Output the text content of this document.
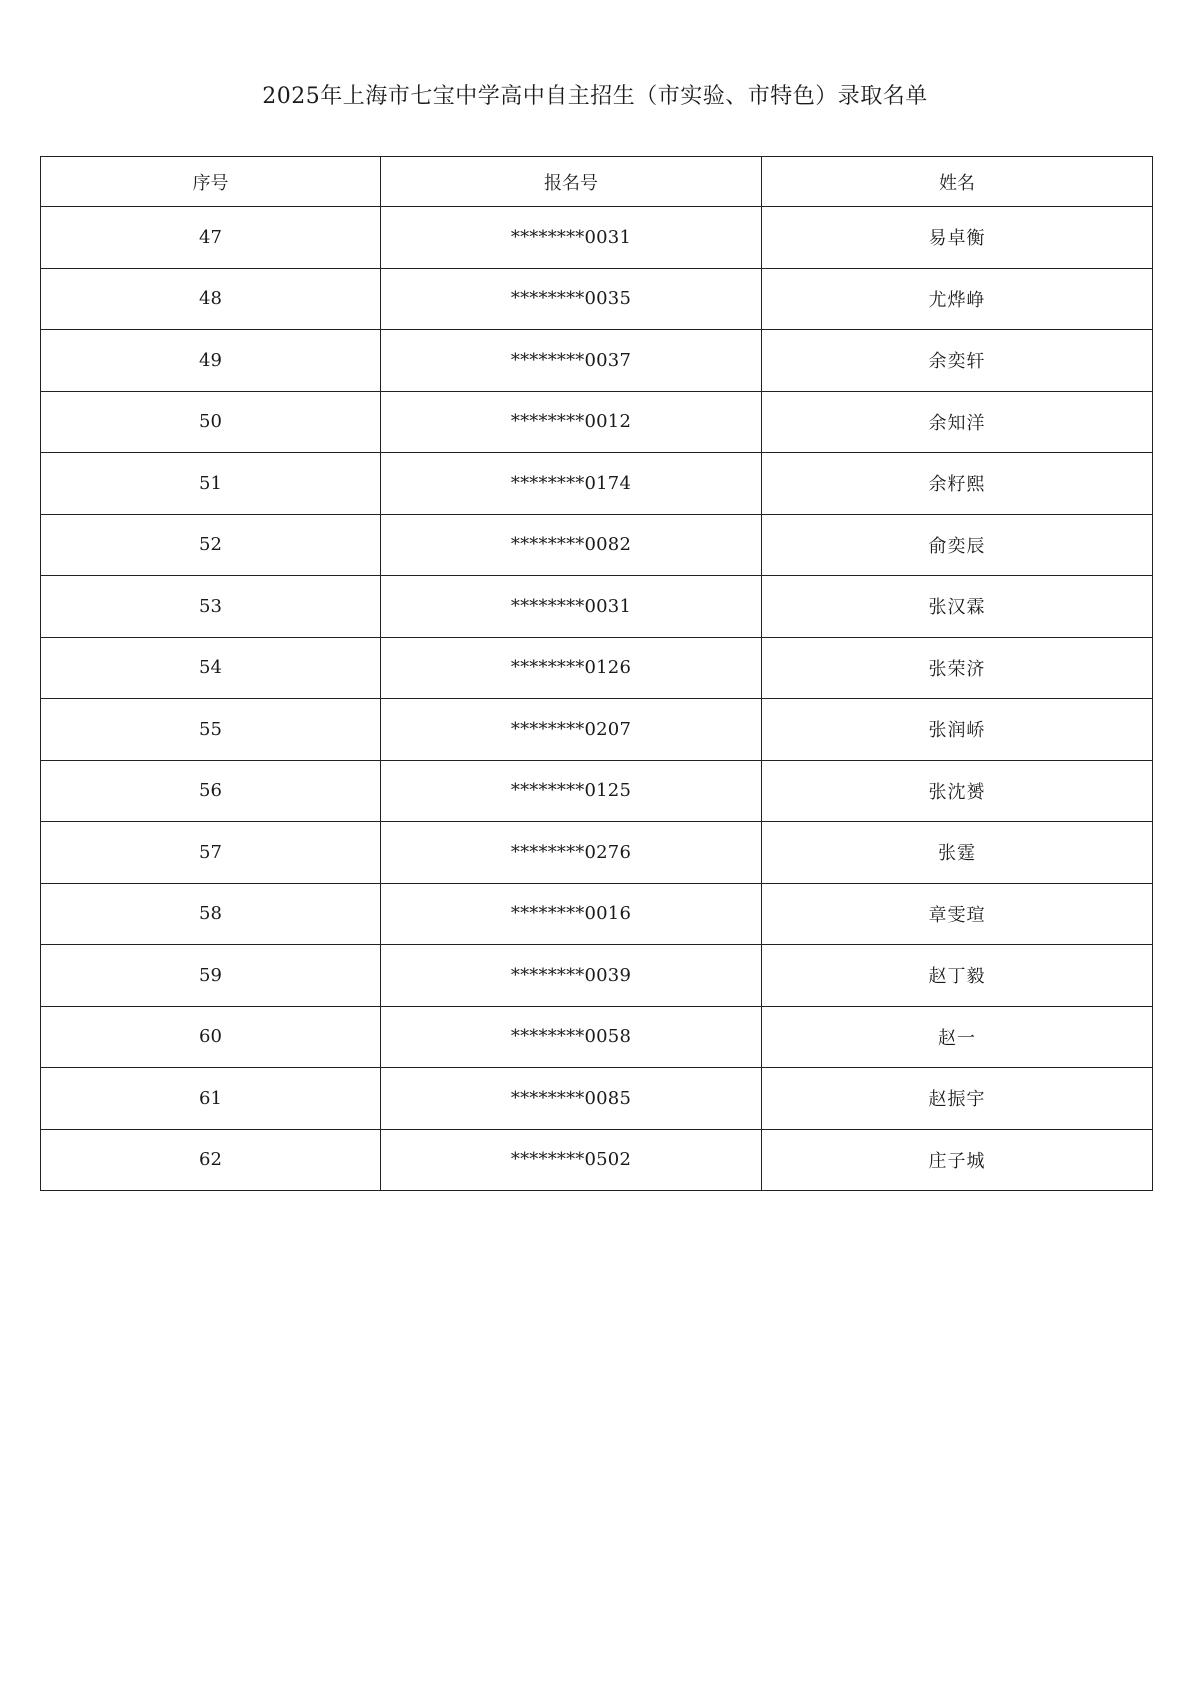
2025年上海市七宝中学高中自主招生（市实验、市特色）录取名单
序号	报名号	姓名
47	********0031	易卓衡
48	********0035	尤烨峥
49	********0037	余奕轩
50	********0012	余知洋
51	********0174	余籽熙
52	********0082	俞奕辰
53	********0031	张汉霖
54	********0126	张荣济
55	********0207	张润峤
56	********0125	张沈赟
57	********0276	张霆
58	********0016	章雯瑄
59	********0039	赵丁毅
60	********0058	赵一
61	********0085	赵振宇
62	********0502	庄子城
